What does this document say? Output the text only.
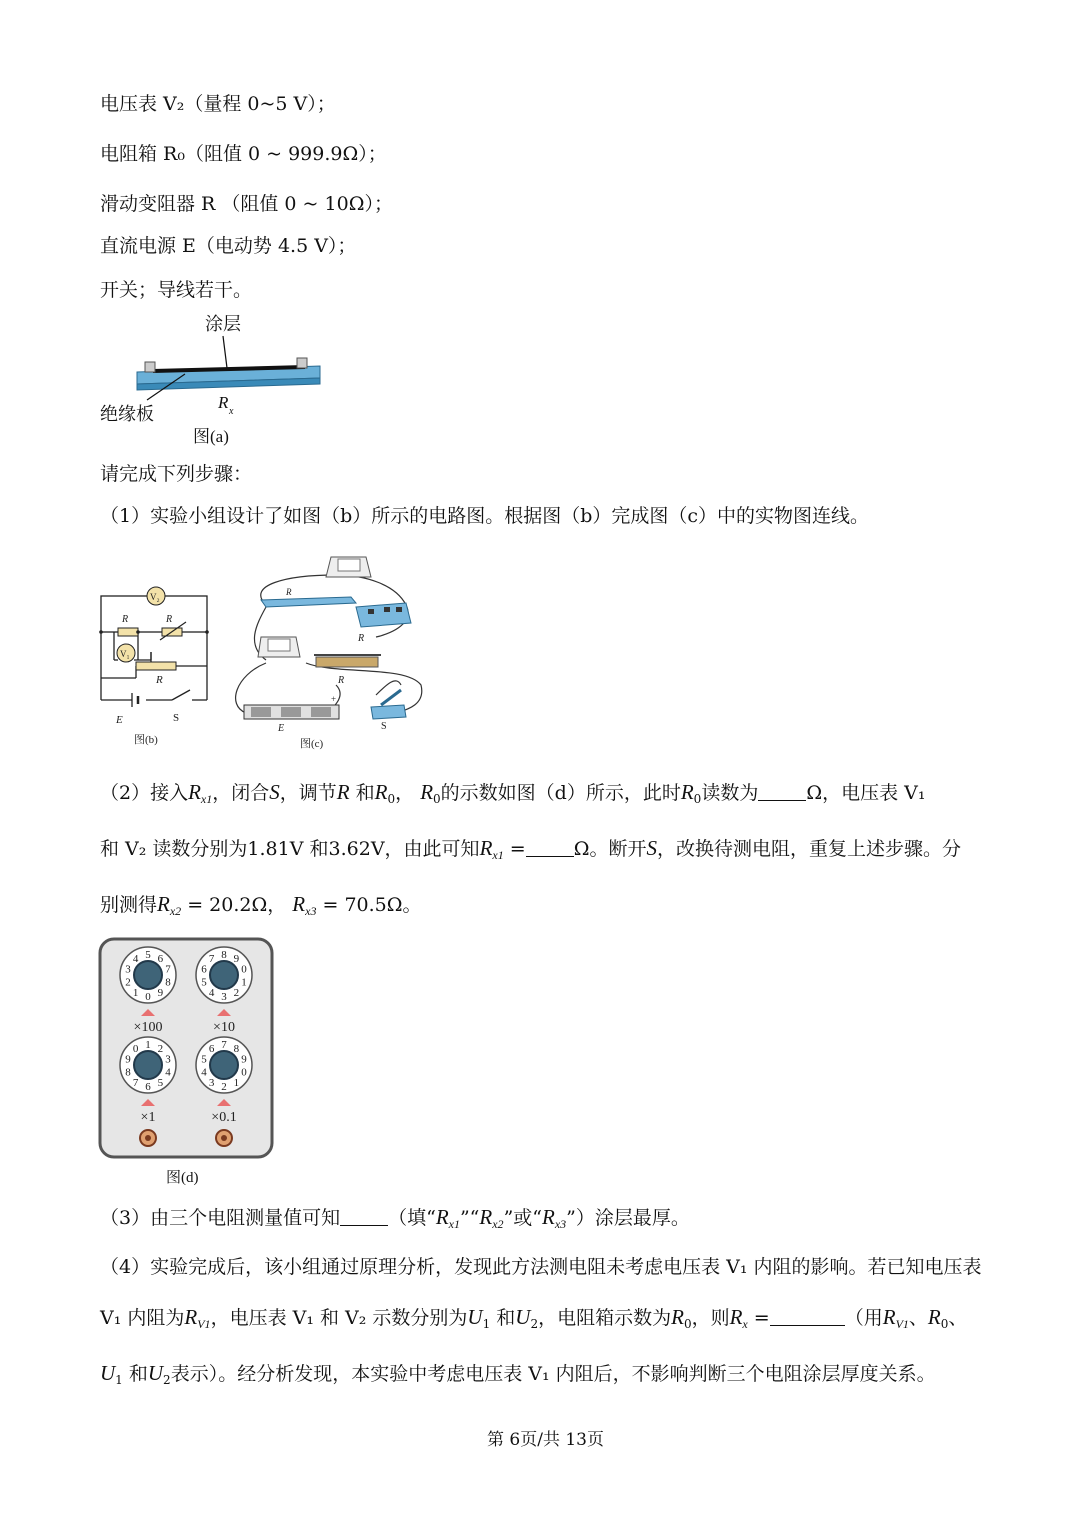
电压表 V₂（量程 0~5 V）；
电阻箱 R₀（阻值 0 ~ 999.9Ω）；
滑动变阻器 R （阻值 0 ~ 10Ω）；
直流电源 E（电动势 4.5 V）；
开关；导线若干。
涂层
绝缘板
R x
图(a)
请完成下列步骤：
（1）实验小组设计了如图（b）所示的电路图。根据图（b）完成图（c）中的实物图连线。
V₂
V₁
R	R
R
E	S
图(b)
R
R
R
+
E	S
图(c)
（2）接入$R_{x1}$，闭合S，调节R 和$R_0$， $R_0$的示数如图（d）所示，此时$R_0$读数为	Ω，电压表 V₁
和 V₂ 读数分别为1.81V 和3.62V，由此可知$R_{x1}$ =	Ω。断开S，改换待测电阻，重复上述步骤。分
别测得$R_{x2} = 20.2\Omega$， $R_{x3} = 70.5\Omega$。
0
1
2
3
4 5 6
7
8
9
×100
0
1
2
3
4
5
6
7 8 9
×10
0 1 2
3
4
5
6
7
8
9
×1
0
1
2
3
4
5
6 7 8
9
×0.1
图(d)
（3）由三个电阻测量值可知	（填“$R_{x1}”“R_{x2}$”或“$R_{x3}$”）涂层最厚。
（4）实验完成后，该小组通过原理分析，发现此方法测电阻未考虑电压表 V₁ 内阻的影响。若已知电压表
V₁ 内阻为$R_{V1}$，电压表 V₁ 和 V₂ 示数分别为$U_1$ 和$U_2$，电阻箱示数为$R_0$，则$R_x$ =	（用$R_{V1}$、$R_0$、
$U_1$ 和$U_2$表示）。经分析发现，本实验中考虑电压表 V₁ 内阻后，不影响判断三个电阻涂层厚度关系。
第 6页/共 13页
